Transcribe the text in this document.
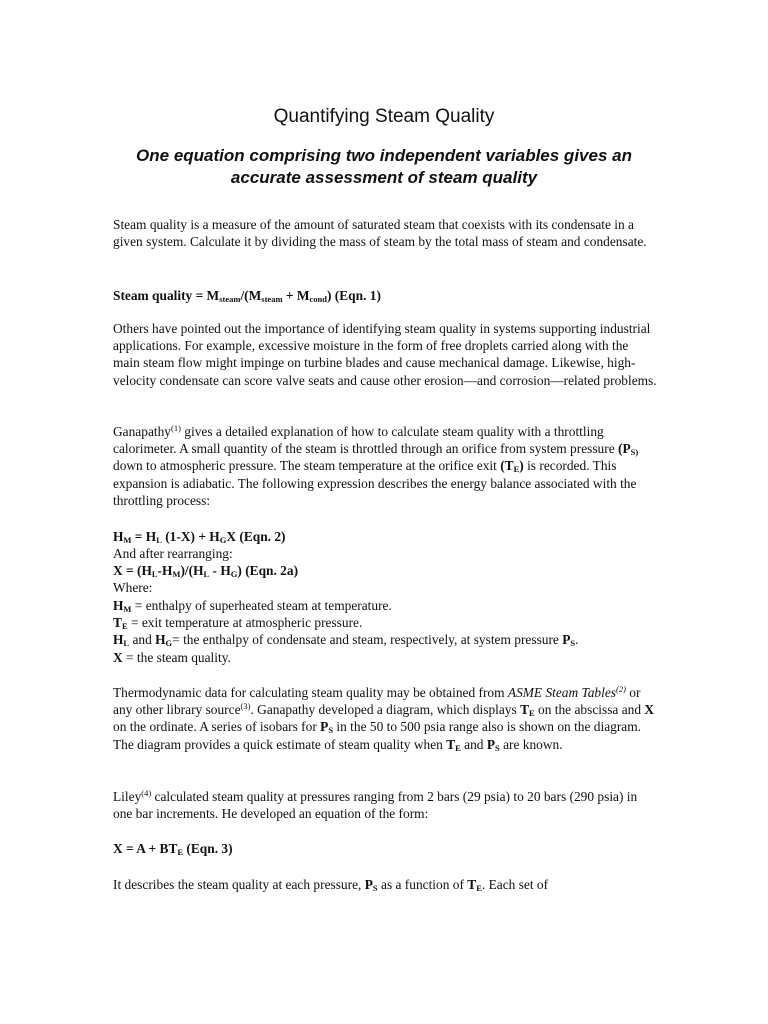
Quantifying Steam Quality

One equation comprising two independent variables gives an accurate assessment of steam quality

Steam quality is a measure of the amount of saturated steam that coexists with its condensate in a given system. Calculate it by dividing the mass of steam by the total mass of steam and condensate.

Steam quality = $M_{steam}/(M_{steam} + M_{cond})$ (Eqn. 1)

Others have pointed out the importance of identifying steam quality in systems supporting industrial applications. For example, excessive moisture in the form of free droplets carried along with the main steam flow might impinge on turbine blades and cause mechanical damage. Likewise, high-velocity condensate can score valve seats and cause other erosion—and corrosion—related problems.

Ganapathy$^{(1)}$ gives a detailed explanation of how to calculate steam quality with a throttling calorimeter. A small quantity of the steam is throttled through an orifice from system pressure ($P_{S)}$ down to atmospheric pressure. The steam temperature at the orifice exit $(T_E)$ is recorded. This expansion is adiabatic. The following expression describes the energy balance associated with the throttling process:

$H_M = H_L$ $(1-X) + H_GX$ (Eqn. 2)

And after rearranging:

$X = (H_L-H_M)/(H_L - H_G)$ (Eqn. 2a)

Where:

$H_M$ = enthalpy of superheated steam at temperature.

$T_E$ = exit temperature at atmospheric pressure.

$H_L$ and $H_G=$ the enthalpy of condensate and steam, respectively, at system pressure $P_S$.

X = the steam quality.

Thermodynamic data for calculating steam quality may be obtained from ASME Steam Tables$^{(2)}$ or any other library source$^{(3)}$. Ganapathy developed a diagram, which displays $T_E$ on the abscissa and X on the ordinate. A series of isobars for $P_S$ in the 50 to 500 psia range also is shown on the diagram. The diagram provides a quick estimate of steam quality when $T_E$ and $P_S$ are known.

Liley$^{(4)}$ calculated steam quality at pressures ranging from 2 bars (29 psia) to 20 bars (290 psia) in one bar increments. He developed an equation of the form:

$X = A + BT_E$ (Eqn. 3)

It describes the steam quality at each pressure, $P_S$ as a function of $T_E$. Each set of
